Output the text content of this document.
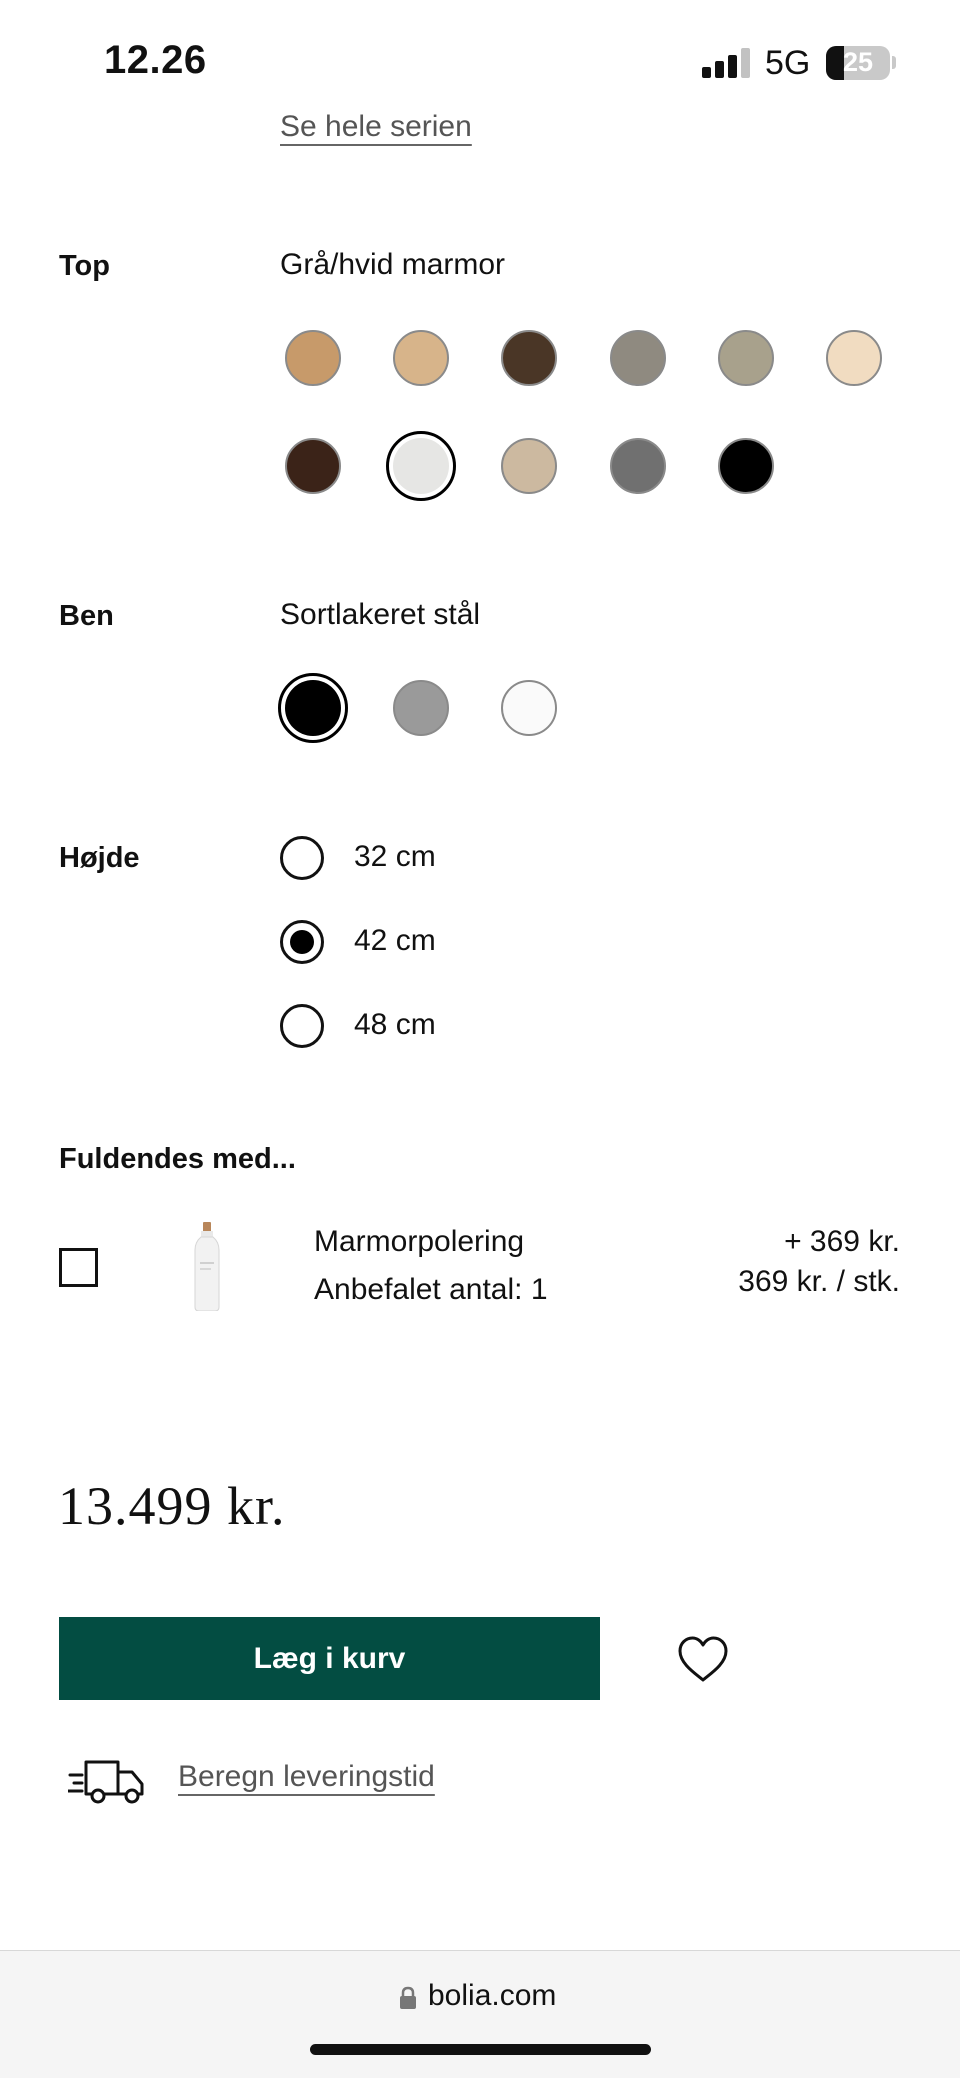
12.26	5G	25
Se hele serien
Top	Grå/hvid marmor
Ben	Sortlakeret stål
Højde	32 cm
42 cm
48 cm
Fuldendes med...
Marmorpolering
Anbefalet antal: 1
+ 369 kr.
369 kr. / stk.
13.499 kr.
Læg i kurv
Beregn leveringstid
bolia.com
